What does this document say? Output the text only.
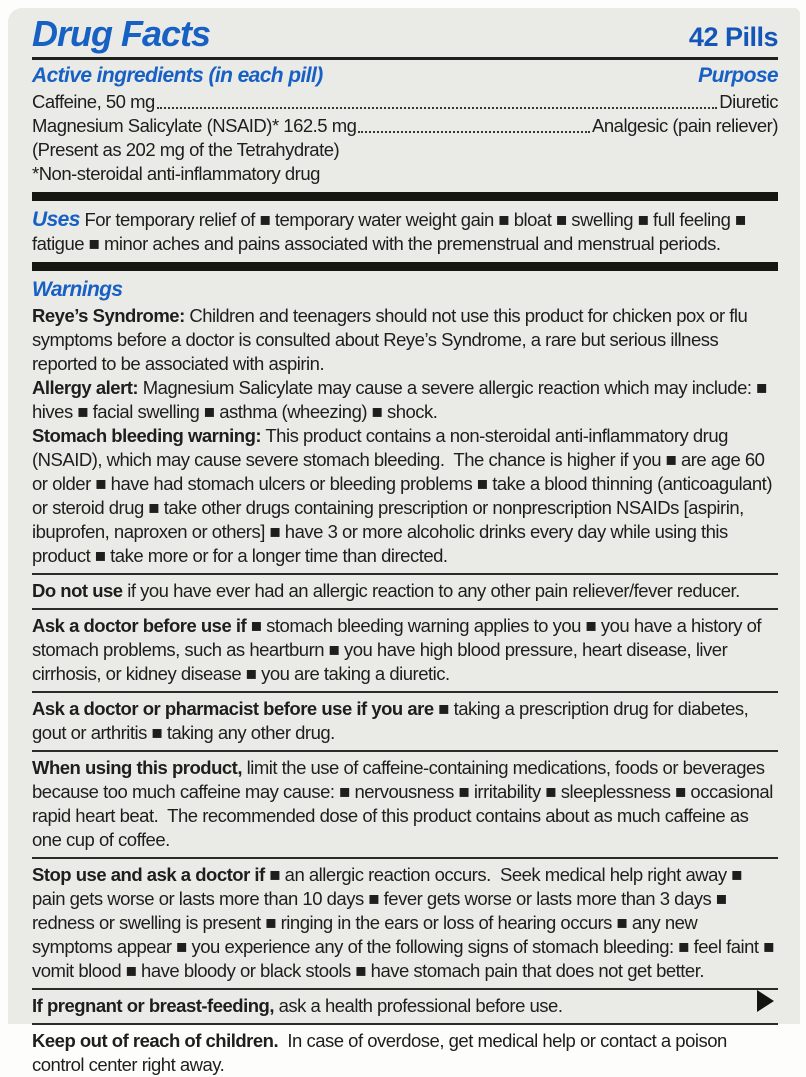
Drug Facts	42 Pills
Active ingredients (in each pill)	Purpose
Caffeine, 50 mg	Diuretic
Magnesium Salicylate (NSAID)* 162.5 mg	Analgesic (pain reliever)
(Present as 202 mg of the Tetrahydrate)
*Non-steroidal anti-inflammatory drug

Uses For temporary relief of ■ temporary water weight gain ■ bloat ■ swelling ■ full feeling ■ fatigue ■ minor aches and pains associated with the premenstrual and menstrual periods.

Warnings

Reye’s Syndrome: Children and teenagers should not use this product for chicken pox or flu symptoms before a doctor is consulted about Reye’s Syndrome, a rare but serious illness reported to be associated with aspirin.

Allergy alert: Magnesium Salicylate may cause a severe allergic reaction which may include: ■ hives ■ facial swelling ■ asthma (wheezing) ■ shock.

Stomach bleeding warning: This product contains a non-steroidal anti-inflammatory drug (NSAID), which may cause severe stomach bleeding.  The chance is higher if you ■ are age 60 or older ■ have had stomach ulcers or bleeding problems ■ take a blood thinning (anticoagulant) or steroid drug ■ take other drugs containing prescription or nonprescription NSAIDs [aspirin, ibuprofen, naproxen or others] ■ have 3 or more alcoholic drinks every day while using this product ■ take more or for a longer time than directed.

Do not use if you have ever had an allergic reaction to any other pain reliever/fever reducer.

Ask a doctor before use if ■ stomach bleeding warning applies to you ■ you have a history of stomach problems, such as heartburn ■ you have high blood pressure, heart disease, liver cirrhosis, or kidney disease ■ you are taking a diuretic.

Ask a doctor or pharmacist before use if you are ■ taking a prescription drug for diabetes, gout or arthritis ■ taking any other drug.

When using this product, limit the use of caffeine-containing medications, foods or beverages because too much caffeine may cause: ■ nervousness ■ irritability ■ sleeplessness ■ occasional rapid heart beat.  The recommended dose of this product contains about as much caffeine as one cup of coffee.

Stop use and ask a doctor if ■ an allergic reaction occurs.  Seek medical help right away ■ pain gets worse or lasts more than 10 days ■ fever gets worse or lasts more than 3 days ■ redness or swelling is present ■ ringing in the ears or loss of hearing occurs ■ any new symptoms appear ■ you experience any of the following signs of stomach bleeding: ■ feel faint ■ vomit blood ■ have bloody or black stools ■ have stomach pain that does not get better.

If pregnant or breast-feeding, ask a health professional before use.

Keep out of reach of children.  In case of overdose, get medical help or contact a poison control center right away.
